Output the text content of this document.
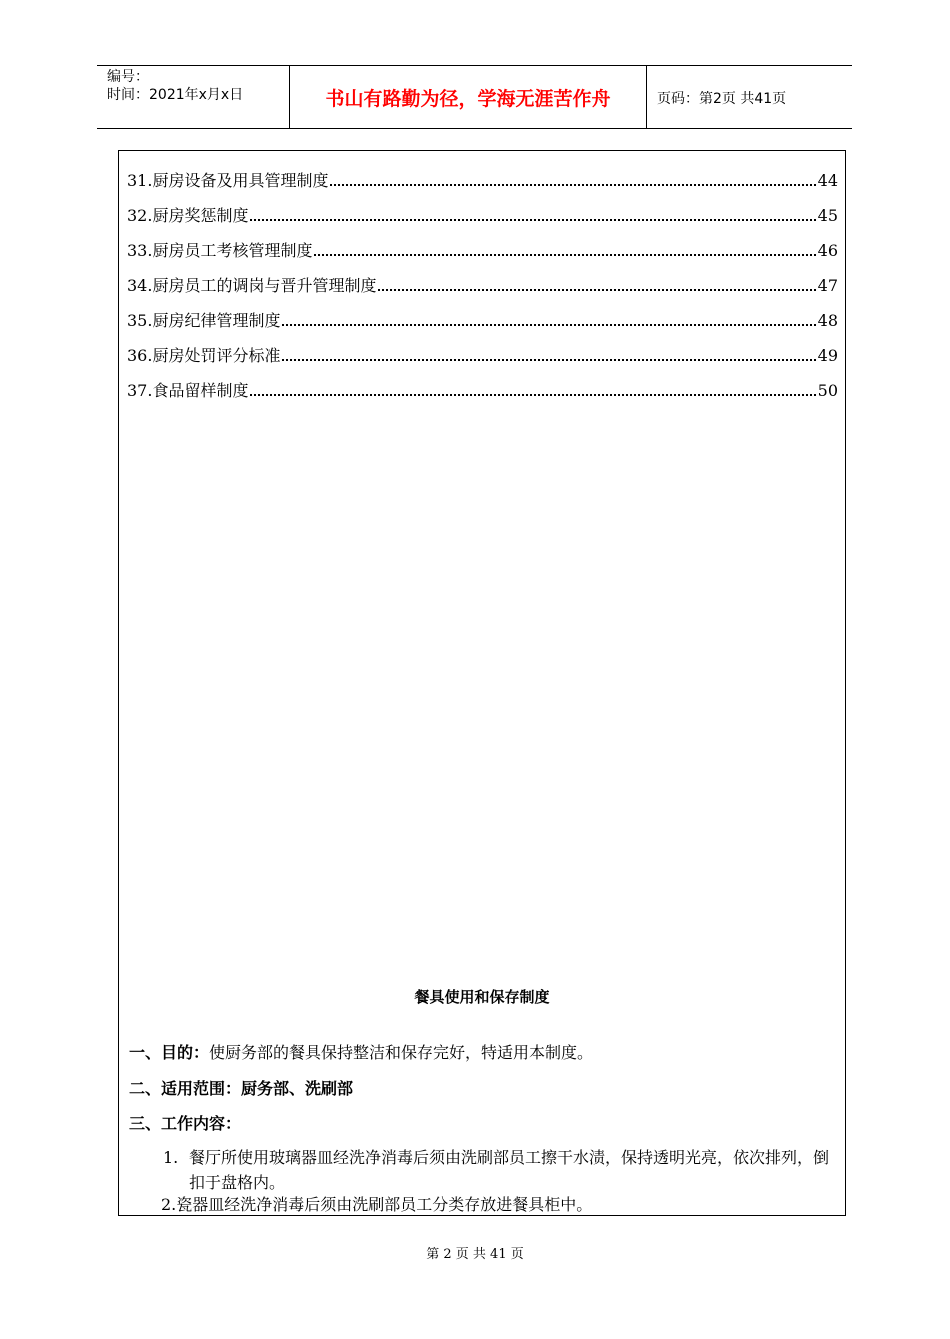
编号：
时间：2021年x月x日	书山有路勤为径，学海无涯苦作舟	页码：第2页 共41页
31.厨房设备及用具管理制度	44
32.厨房奖惩制度	45
33.厨房员工考核管理制度	46
34.厨房员工的调岗与晋升管理制度	47
35.厨房纪律管理制度	48
36.厨房处罚评分标准	49
37.食品留样制度	50
餐具使用和保存制度
一、目的：使厨务部的餐具保持整洁和保存完好，特适用本制度。
二、适用范围：厨务部、洗刷部
三、工作内容：
1. 餐厅所使用玻璃器皿经洗净消毒后须由洗刷部员工擦干水渍，保持透明光亮，依次排列，倒扣于盘格内。
2.瓷器皿经洗净消毒后须由洗刷部员工分类存放进餐具柜中。
第 2 页 共 41 页
